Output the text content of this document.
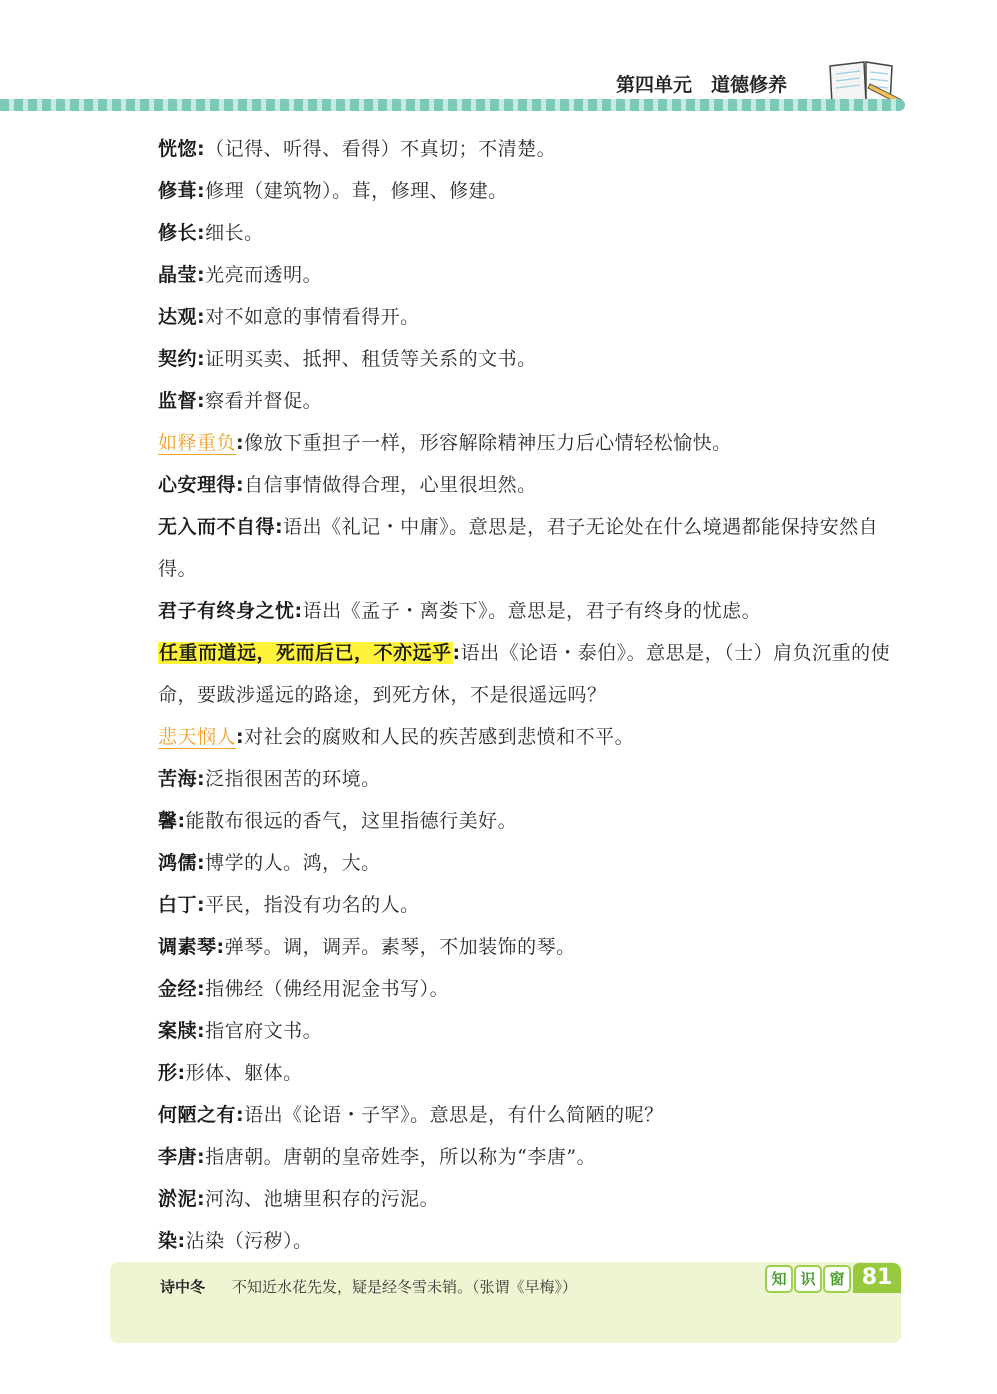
第四单元　道德修养
恍惚:（记得、听得、看得）不真切；不清楚。
修葺:修理（建筑物）。葺，修理、修建。
修长:细长。
晶莹:光亮而透明。
达观:对不如意的事情看得开。
契约:证明买卖、抵押、租赁等关系的文书。
监督:察看并督促。
如释重负:像放下重担子一样，形容解除精神压力后心情轻松愉快。
心安理得:自信事情做得合理，心里很坦然。
无入而不自得:语出《礼记・中庸》。意思是，君子无论处在什么境遇都能保持安然自得。
君子有终身之忧:语出《孟子・离娄下》。意思是，君子有终身的忧虑。
任重而道远，死而后已，不亦远乎:语出《论语・泰伯》。意思是，（士）肩负沉重的使命，要跋涉遥远的路途，到死方休，不是很遥远吗？
悲天悯人:对社会的腐败和人民的疾苦感到悲愤和不平。
苦海:泛指很困苦的环境。
馨:能散布很远的香气，这里指德行美好。
鸿儒:博学的人。鸿，大。
白丁:平民，指没有功名的人。
调素琴:弹琴。调，调弄。素琴，不加装饰的琴。
金经:指佛经（佛经用泥金书写）。
案牍:指官府文书。
形:形体、躯体。
何陋之有:语出《论语・子罕》。意思是，有什么简陋的呢？
李唐:指唐朝。唐朝的皇帝姓李，所以称为“李唐”。
淤泥:河沟、池塘里积存的污泥。
染:沾染（污秽）。
诗中冬 不知近水花先发，疑是经冬雪未销。（张谓《早梅》）	知 识 窗 81
